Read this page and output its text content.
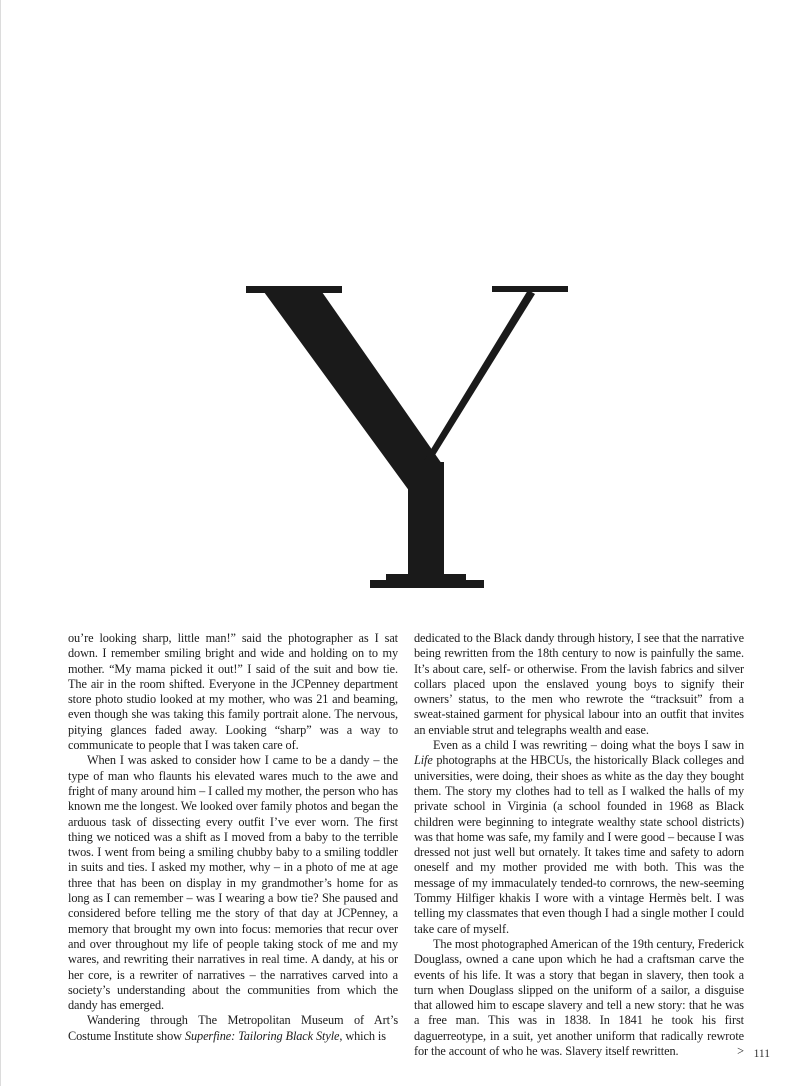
ou’re looking sharp, little man!” said the photographer as I sat down. I remember smiling bright and wide and holding on to my mother. “My mama picked it out!” I said of the suit and bow tie. The air in the room shifted. Everyone in the JCPenney department store photo studio looked at my mother, who was 21 and beaming, even though she was taking this family portrait alone. The nervous, pitying glances faded away. Looking “sharp” was a way to communicate to people that I was taken care of.

When I was asked to consider how I came to be a dandy – the type of man who flaunts his elevated wares much to the awe and fright of many around him – I called my mother, the person who has known me the longest. We looked over family photos and began the arduous task of dissecting every outfit I’ve ever worn. The first thing we noticed was a shift as I moved from a baby to the terrible twos. I went from being a smiling chubby baby to a smiling toddler in suits and ties. I asked my mother, why – in a photo of me at age three that has been on display in my grandmother’s home for as long as I can remember – was I wearing a bow tie? She paused and considered before telling me the story of that day at JCPenney, a memory that brought my own into focus: memories that recur over and over throughout my life of people taking stock of me and my wares, and rewriting their narratives in real time. A dandy, at his or her core, is a rewriter of narratives – the narratives carved into a society’s understanding about the communities from which the dandy has emerged.

Wandering through The Metropolitan Museum of Art’s Costume Institute show Superfine: Tailoring Black Style, which is

dedicated to the Black dandy through history, I see that the narrative being rewritten from the 18th century to now is painfully the same. It’s about care, self- or otherwise. From the lavish fabrics and silver collars placed upon the enslaved young boys to signify their owners’ status, to the men who rewrote the “tracksuit” from a sweat-stained garment for physical labour into an outfit that invites an enviable strut and telegraphs wealth and ease.

Even as a child I was rewriting – doing what the boys I saw in Life photographs at the HBCUs, the historically Black colleges and universities, were doing, their shoes as white as the day they bought them. The story my clothes had to tell as I walked the halls of my private school in Virginia (a school founded in 1968 as Black children were beginning to integrate wealthy state school districts) was that home was safe, my family and I were good – because I was dressed not just well but ornately. It takes time and safety to adorn oneself and my mother provided me with both. This was the message of my immaculately tended-to cornrows, the new-seeming Tommy Hilfiger khakis I wore with a vintage Hermès belt. I was telling my classmates that even though I had a single mother I could take care of myself.

The most photographed American of the 19th century, Frederick Douglass, owned a cane upon which he had a craftsman carve the events of his life. It was a story that began in slavery, then took a turn when Douglass slipped on the uniform of a sailor, a disguise that allowed him to escape slavery and tell a new story: that he was a free man. This was in 1838. In 1841 he took his first daguerreotype, in a suit, yet another uniform that radically rewrote for the account of who he was. Slavery itself rewritten.	> 111
